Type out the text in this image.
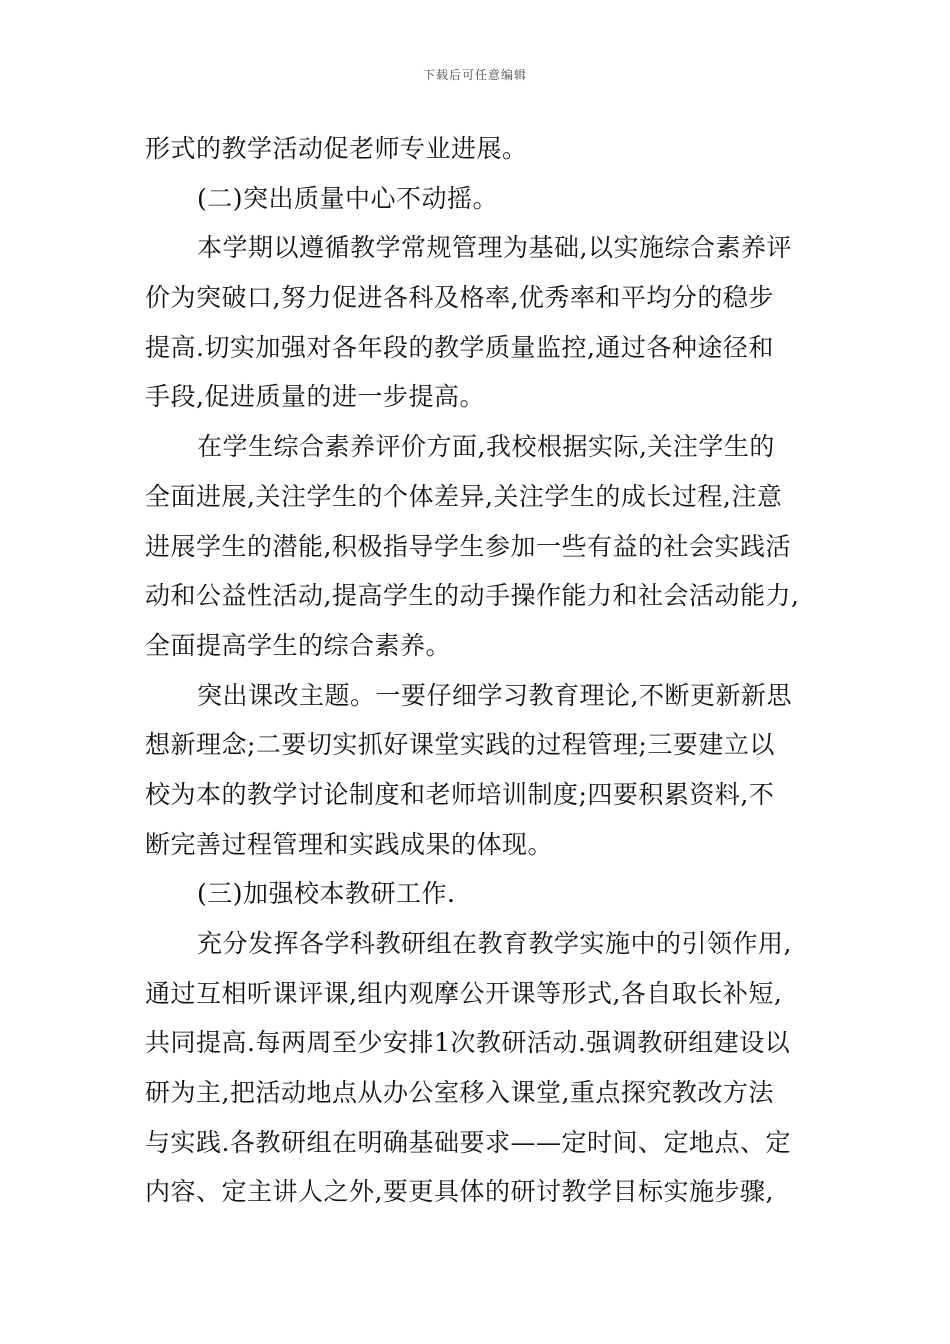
下载后可任意编辑
形式的教学活动促老师专业进展。
(二)突出质量中心不动摇。
本学期以遵循教学常规管理为基础,以实施综合素养评
价为突破口,努力促进各科及格率,优秀率和平均分的稳步
提高.切实加强对各年段的教学质量监控,通过各种途径和
手段,促进质量的进一步提高。
在学生综合素养评价方面,我校根据实际,关注学生的
全面进展,关注学生的个体差异,关注学生的成长过程,注意
进展学生的潜能,积极指导学生参加一些有益的社会实践活
动和公益性活动,提高学生的动手操作能力和社会活动能力,
全面提高学生的综合素养。
突出课改主题。一要仔细学习教育理论,不断更新新思
想新理念;二要切实抓好课堂实践的过程管理;三要建立以
校为本的教学讨论制度和老师培训制度;四要积累资料,不
断完善过程管理和实践成果的体现。
(三)加强校本教研工作.
充分发挥各学科教研组在教育教学实施中的引领作用,
通过互相听课评课,组内观摩公开课等形式,各自取长补短,
共同提高.每两周至少安排1次教研活动.强调教研组建设以
研为主,把活动地点从办公室移入课堂,重点探究教改方法
与实践.各教研组在明确基础要求——定时间、定地点、定
内容、定主讲人之外,要更具体的研讨教学目标实施步骤,
